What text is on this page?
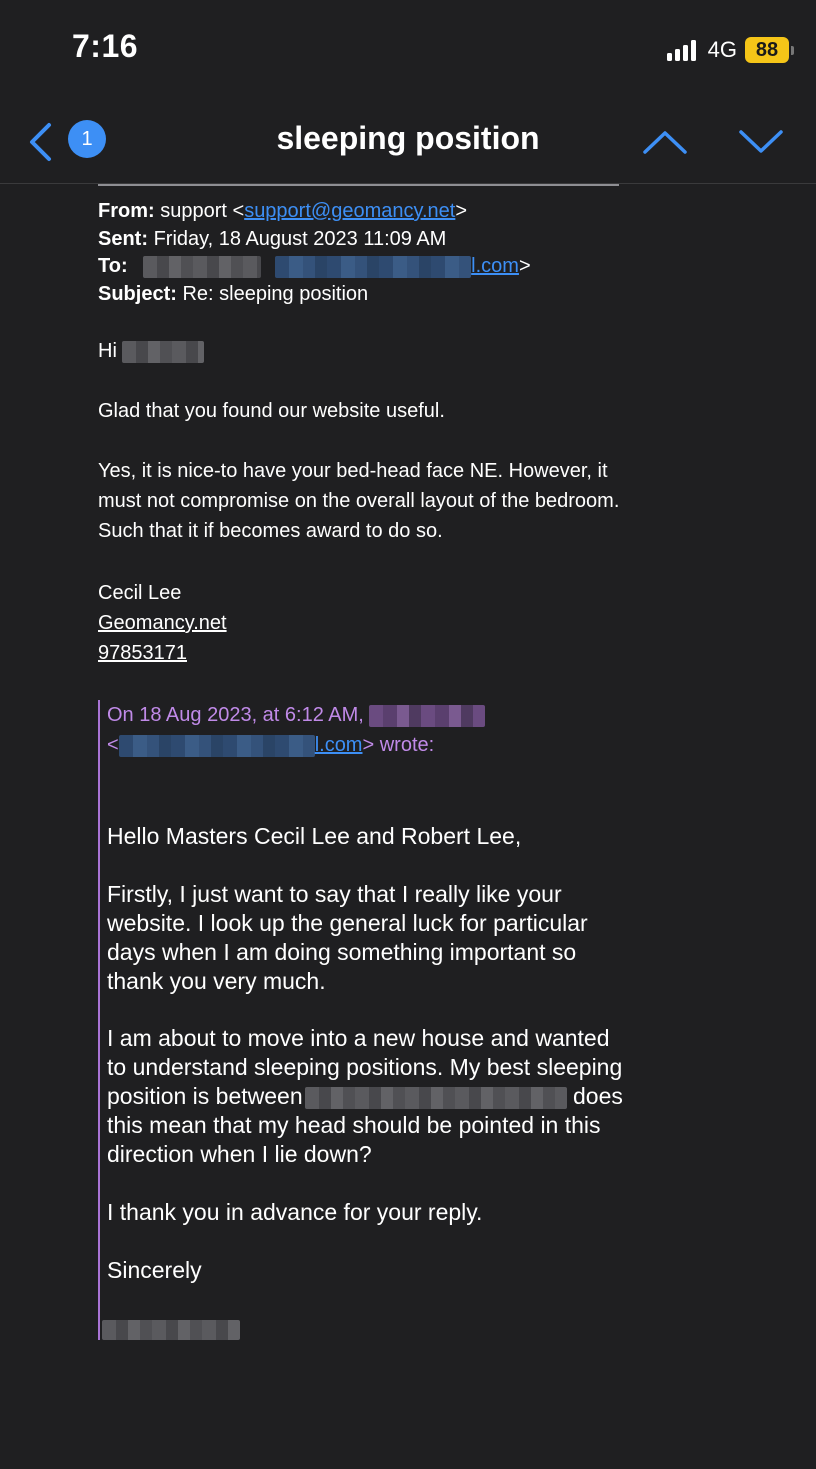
7:16	4G 88
1	sleeping position
From: support <support@geomancy.net>
Sent: Friday, 18 August 2023 11:09 AM
To:	l.com>
Subject: Re: sleeping position

Hi

Glad that you found our website useful.

Yes, it is nice-to have your bed-head face NE. However, it must not compromise on the overall layout of the bedroom. Such that it if becomes award to do so.

Cecil Lee
Geomancy.net
97853171
On 18 Aug 2023, at 6:12 AM,
<	l.com> wrote:

Hello Masters Cecil Lee and Robert Lee,

Firstly, I just want to say that I really like your website. I look up the general luck for particular days when I am doing something important so thank you very much.

I am about to move into a new house and wanted to understand sleeping positions. My best sleeping position is between	does this mean that my head should be pointed in this direction when I lie down?

I thank you in advance for your reply.

Sincerely
